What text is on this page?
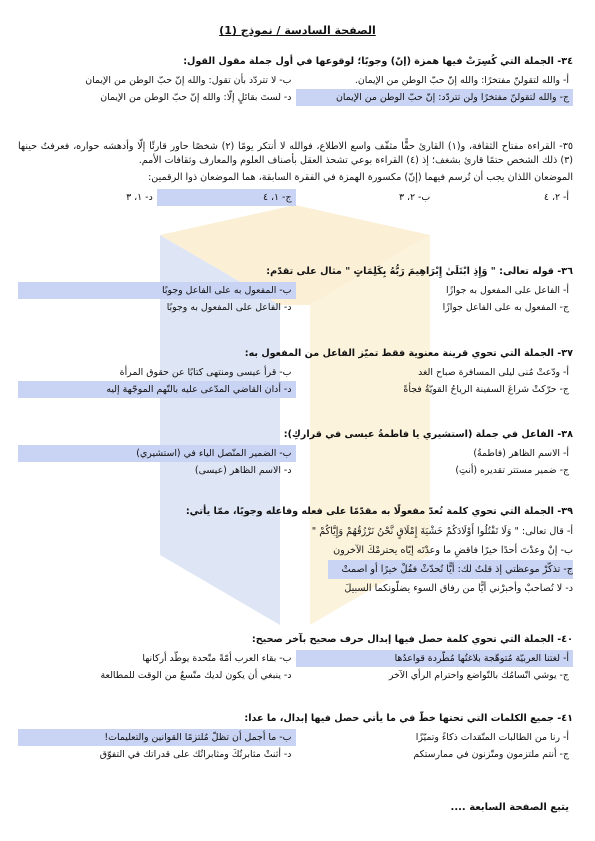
الصفحة السادسة / نموذج (1)
٣٤- الجملة التي كُسِرَتْ فيها همزة (إنّ) وجوبًا؛ لوقوعها في أول جملة مقول القول:
أ- والله لتقولنّ مفتخرًا: والله إنّ حبّ الوطن من الإيمان.
ب- لا تتردّد بأن تقول: والله إنّ حبّ الوطن من الإيمان
ج- والله لتقولنّ مفتخرًا ولن تتردّد: إنّ حبّ الوطن من الإيمان
د- لستَ بقائلٍ إلّا: والله إنّ حبّ الوطن من الإيمان
٣٥- القراءة مفتاح الثقافة، و(١) القارئ حقًّا مثقّف واسع الاطلاع، فوالله لا أنتكر يومًا (٢) شخصًا حاور قارئًا إلّا وأدهشه حواره، فعرفتُ حينها (٣) ذلك الشخص حتمًا قارئ بشغف؛ إذ (٤) القراءة بوعي تشحذ العقل بأصناف العلوم والمعارف وثقافات الأمم.
الموضعان اللذان يجب أن تُرسم فيهما (إنّ) مكسورة الهمزة في الفقرة السابقة، هما الموضعان ذوا الرقمين:
أ- ٢، ٤
ب- ٢، ٣
ج- ١، ٤
د- ١، ٣
٣٦- قوله تعالى: " وَإِذِ ابْتَلَىٰ إِبْرَاهِيمَ رَبُّهُ بِكَلِمَاتٍ " مثال على تقدّم:
أ- الفاعل على المفعول به جوازًا
ب- المفعول به على الفاعل وجوبًا
ج- المفعول به على الفاعل جوازًا
د- الفاعل على المفعول به وجوبًا
٣٧- الجملة التي تحوي قرينة معنوية فقط تميّز الفاعل من المفعول به:
أ- ودّعتْ مُنى ليلى المسافرة صباح الغد
ب- قرأ عيسى ومنتهى كتابًا عن حقوق المرأة
ج- حرّكتْ شراعَ السفينة الرياحُ القويّةُ فجأةً
د- أدان القاضي المدّعى عليه بالتّهم الموجّهة إليه
٣٨- الفاعل في جملة (استشيري يا فاطمةُ عيسى في قراركِ):
أ- الاسم الظاهر (فاطمةُ)
ب- الضمير المتّصل الياء في (استشيري)
ج- ضمير مستتر تقديره (أنتِ)
د- الاسم الظاهر (عيسى)
٣٩- الجملة التي تحوي كلمة تُعدّ مفعولًا به مقدّمًا على فعله وفاعله وجوبًا، ممّا يأتي:
أ- قال تعالى: " وَلَا تَقْتُلُوا أَوْلَادَكُمْ خَشْيَةَ إِمْلَاقٍ نَّحْنُ نَرْزُقُهُمْ وَإِيَّاكُمْ "
ب- إنْ وعدْتَ أحدًا خيرًا فاقضِ ما وعدْتَه إيّاه يحترمْكَ الآخرون
ج- تذكّرْ موعظتي إذ قلتُ لك: أيًّا تُحدّثْ فقُلْ خيرًا أو اصمتْ
د- لا تُصاحبْ وأخبرْني أيًّا من رفاق السوء يضلّونكما السبيلَ
٤٠- الجملة التي تحوي كلمة حصل فيها إبدال حرف صحيح بآخر صحيح:
أ- لغتنا العربيّة مُتوهّجة بلاغتُها مُطّردة قواعدُها
ب- بقاء العرب أمّةً متّحدة يوطّد أركانها
ج- يوشي اتّسامُك بالتّواضع واحترام الرأي الآخر
د- ينبغي أن يكون لديك متّسعٌ من الوقت للمطالعة
٤١- جميع الكلمات التي تحتها خطّ في ما يأتي حصل فيها إبدال، ما عدا:
أ- رنا من الطالبات المتّقدات ذكاءً وتميّزًا
ب- ما أجمل أن تظلّ مُلتزمًا القوانين والتعليمات!
ج- أنتم ملتزمون ومتّزنون في ممارستكم
د- أثنتْ مثابرتُكَ ومثابراتُك على قدراتك في التفوّق
يتبع الصفحة السابعة ....
